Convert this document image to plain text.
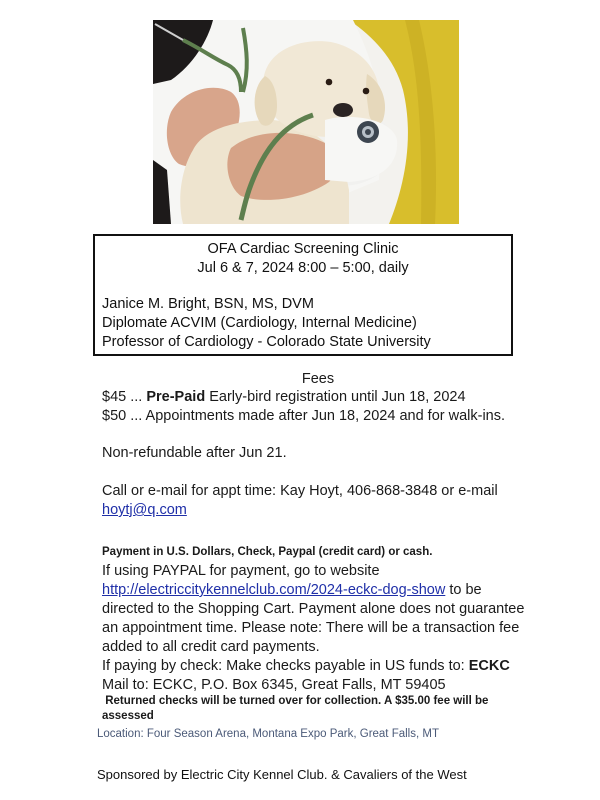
OFA Cardiac Screening Clinic
Jul 6 & 7, 2024 8:00 – 5:00, daily
Janice M. Bright, BSN, MS, DVM
Diplomate ACVIM (Cardiology, Internal Medicine)
Professor of Cardiology - Colorado State University
Fees
$45 ... Pre-Paid Early-bird registration until Jun 18, 2024
$50 ... Appointments made after Jun 18, 2024 and for walk-ins.
Non-refundable after Jun 21.
Call or e-mail for appt time: Kay Hoyt, 406-868-3848 or e-mail
hoytj@q.com
Payment in U.S. Dollars, Check, Paypal (credit card) or cash.
If using PAYPAL for payment, go to website
http://electriccitykennelclub.com/2024-eckc-dog-show to be
directed to the Shopping Cart. Payment alone does not guarantee
an appointment time. Please note: There will be a transaction fee
added to all credit card payments.
If paying by check: Make checks payable in US funds to: ECKC
Mail to: ECKC, P.O. Box 6345, Great Falls, MT 59405
Returned checks will be turned over for collection. A $35.00 fee will be
assessed
Location: Four Season Arena, Montana Expo Park, Great Falls, MT
Sponsored by Electric City Kennel Club. & Cavaliers of the West
